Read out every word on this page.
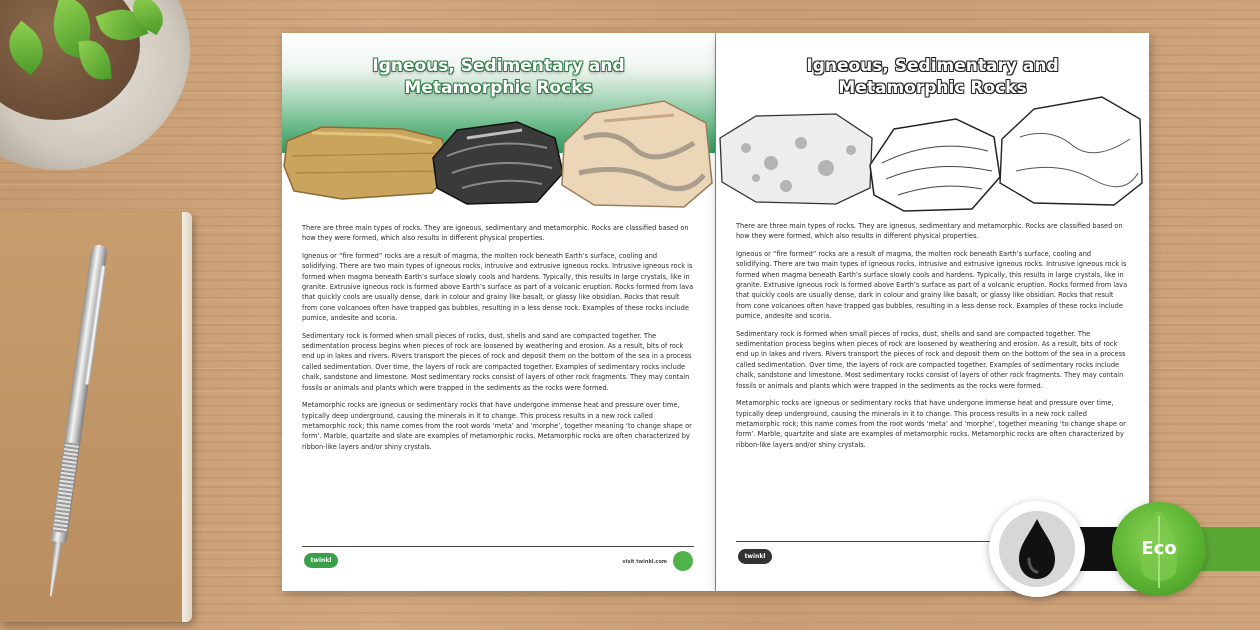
Igneous, Sedimentary and
Metamorphic Rocks

There are three main types of rocks. They are igneous, sedimentary and metamorphic. Rocks are classified based on how they were formed, which also results in different physical properties.

Igneous or “fire formed” rocks are a result of magma, the molten rock beneath Earth’s surface, cooling and solidifying. There are two main types of igneous rocks, intrusive and extrusive igneous rocks. Intrusive igneous rock is formed when magma beneath Earth’s surface slowly cools and hardens. Typically, this results in large crystals, like in granite. Extrusive igneous rock is formed above Earth’s surface as part of a volcanic eruption. Rocks formed from lava that quickly cools are usually dense, dark in colour and grainy like basalt, or glassy like obsidian. Rocks that result from cone volcanoes often have trapped gas bubbles, resulting in a less dense rock. Examples of these rocks include pumice, andesite and scoria.

Sedimentary rock is formed when small pieces of rocks, dust, shells and sand are compacted together. The sedimentation process begins when pieces of rock are loosened by weathering and erosion. As a result, bits of rock end up in lakes and rivers. Rivers transport the pieces of rock and deposit them on the bottom of the sea in a process called sedimentation. Over time, the layers of rock are compacted together. Examples of sedimentary rocks include chalk, sandstone and limestone. Most sedimentary rocks consist of layers of other rock fragments. They may contain fossils or animals and plants which were trapped in the sediments as the rocks were formed.

Metamorphic rocks are igneous or sedimentary rocks that have undergone immense heat and pressure over time, typically deep underground, causing the minerals in it to change. This process results in a new rock called metamorphic rock; this name comes from the root words ‘meta’ and ‘morphe’, together meaning ‘to change shape or form’. Marble, quartzite and slate are examples of metamorphic rocks. Metamorphic rocks are often characterized by ribbon-like layers and/or shiny crystals.

twinkl	visit twinkl.com
Igneous, Sedimentary and
Metamorphic Rocks

There are three main types of rocks. They are igneous, sedimentary and metamorphic. Rocks are classified based on how they were formed, which also results in different physical properties.

Igneous or “fire formed” rocks are a result of magma, the molten rock beneath Earth’s surface, cooling and solidifying. There are two main types of igneous rocks, intrusive and extrusive igneous rocks. Intrusive igneous rock is formed when magma beneath Earth’s surface slowly cools and hardens. Typically, this results in large crystals, like in granite. Extrusive igneous rock is formed above Earth’s surface as part of a volcanic eruption. Rocks formed from lava that quickly cools are usually dense, dark in colour and grainy like basalt, or glassy like obsidian. Rocks that result from cone volcanoes often have trapped gas bubbles, resulting in a less dense rock. Examples of these rocks include pumice, andesite and scoria.

Sedimentary rock is formed when small pieces of rocks, dust, shells and sand are compacted together. The sedimentation process begins when pieces of rock are loosened by weathering and erosion. As a result, bits of rock end up in lakes and rivers. Rivers transport the pieces of rock and deposit them on the bottom of the sea in a process called sedimentation. Over time, the layers of rock are compacted together. Examples of sedimentary rocks include chalk, sandstone and limestone. Most sedimentary rocks consist of layers of other rock fragments. They may contain fossils or animals and plants which were trapped in the sediments as the rocks were formed.

Metamorphic rocks are igneous or sedimentary rocks that have undergone immense heat and pressure over time, typically deep underground, causing the minerals in it to change. This process results in a new rock called metamorphic rock; this name comes from the root words ‘meta’ and ‘morphe’, together meaning ‘to change shape or form’. Marble, quartzite and slate are examples of metamorphic rocks. Metamorphic rocks are often characterized by ribbon-like layers and/or shiny crystals.

twinkl	Eco
